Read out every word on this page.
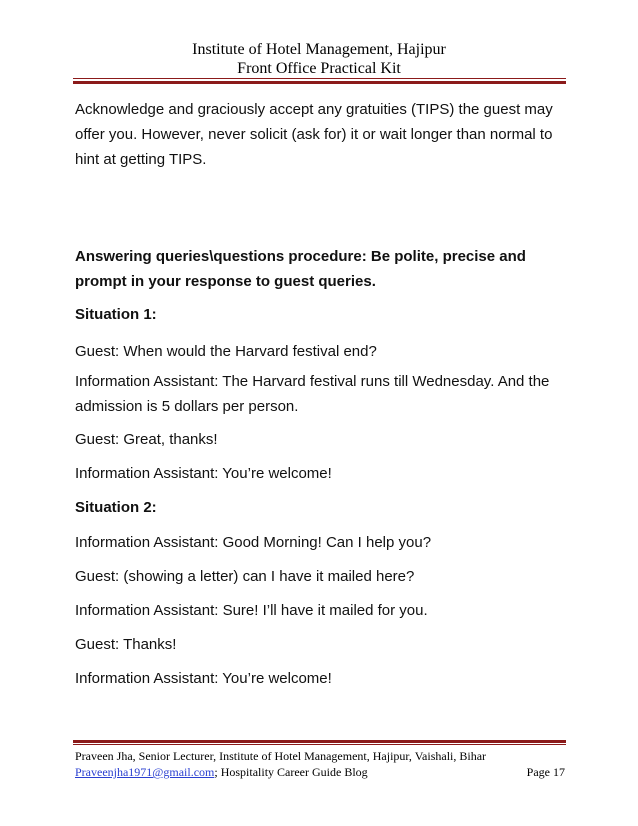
Institute of Hotel Management, Hajipur
Front Office Practical Kit
Acknowledge and graciously accept any gratuities (TIPS) the guest may offer you. However, never solicit (ask for) it or wait longer than normal to hint at getting TIPS.
Answering queries\questions procedure: Be polite, precise and prompt in your response to guest queries.
Situation 1:
Guest: When would the Harvard festival end?
Information Assistant: The Harvard festival runs till Wednesday. And the admission is 5 dollars per person.
Guest: Great, thanks!
Information Assistant: You’re welcome!
Situation 2:
Information Assistant: Good Morning! Can I help you?
Guest: (showing a letter) can I have it mailed here?
Information Assistant: Sure! I’ll have it mailed for you.
Guest: Thanks!
Information Assistant: You’re welcome!
Praveen Jha, Senior Lecturer, Institute of Hotel Management, Hajipur, Vaishali, Bihar
Praveenjha1971@gmail.com; Hospitality Career Guide Blog	Page 17
